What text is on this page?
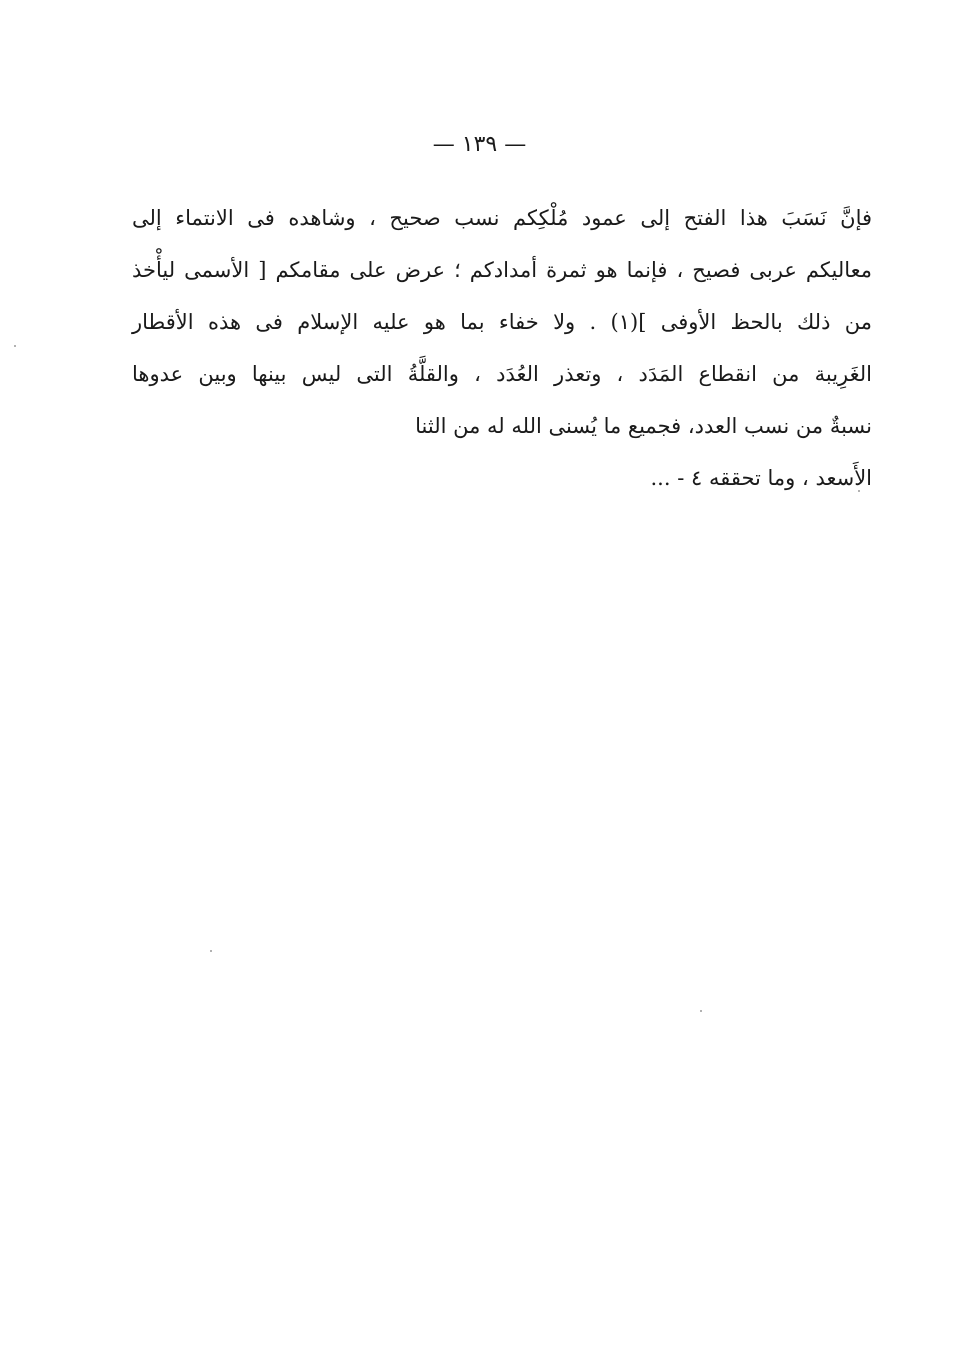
— ١٣٩ —
فإنَّ نَسَبَ هذا الفتح إلى عمود مُلْكِكم نسب صحيح ، وشاهده فى الانتماء إلى
معاليكم عربى فصيح ، فإنما هو ثمرة أمدادكم ؛ عرض على مقامكم [ الأسمى ليأْخذ
من ذلك بالحظ الأوفى ](١) . ولا خفاء بما هو عليه الإسلام فى هذه الأقطار
الغَرِيبة من انقطاع المَدَد ، وتعذر العُدَد ، والقلَّةُ التى ليس بينها وبين عدوها
نسبةٌ من نسب العدد، فجميع ما يُسنى الله له من الثنا
الأَسعد ، وما تحققه ٤ - ...
